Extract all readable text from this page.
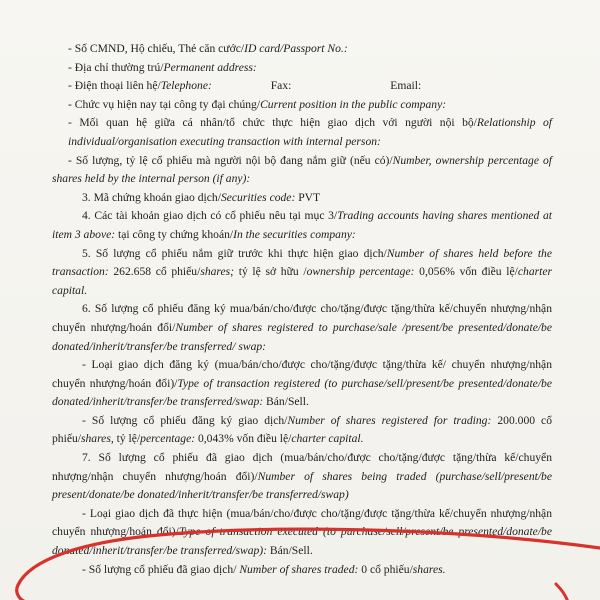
- Số CMND, Hộ chiếu, Thẻ căn cước/ID card/Passport No.:
- Địa chỉ thường trú/Permanent address:
- Điện thoại liên hệ/Telephone:	Fax:	Email:
- Chức vụ hiện nay tại công ty đại chúng/Current position in the public company:
- Mối quan hệ giữa cá nhân/tổ chức thực hiện giao dịch với người nội bộ/Relationship of individual/organisation executing transaction with internal person:
- Số lượng, tỷ lệ cổ phiếu mà người nội bộ đang nắm giữ (nếu có)/Number, ownership percentage of shares held by the internal person (if any):
3. Mã chứng khoán giao dịch/Securities code: PVT
4. Các tài khoản giao dịch có cổ phiếu nêu tại mục 3/Trading accounts having shares mentioned at item 3 above: tại công ty chứng khoán/In the securities company:
5. Số lượng cổ phiếu nắm giữ trước khi thực hiện giao dịch/Number of shares held before the transaction: 262.658 cổ phiếu/shares; tỷ lệ sở hữu /ownership percentage: 0,056% vốn điều lệ/charter capital.
6. Số lượng cổ phiếu đăng ký mua/bán/cho/được cho/tặng/được tặng/thừa kế/chuyển nhượng/nhận chuyển nhượng/hoán đổi/Number of shares registered to purchase/sale /present/be presented/donate/be donated/inherit/transfer/be transferred/ swap:
- Loại giao dịch đăng ký (mua/bán/cho/được cho/tặng/được tặng/thừa kế/ chuyển nhượng/nhận chuyển nhượng/hoán đổi)/Type of transaction registered (to purchase/sell/present/be presented/donate/be donated/inherit/transfer/be transferred/swap: Bán/Sell.
- Số lượng cổ phiếu đăng ký giao dịch/Number of shares registered for trading: 200.000 cổ phiếu/shares, tỷ lệ/percentage: 0,043% vốn điều lệ/charter capital.
7. Số lượng cổ phiếu đã giao dịch (mua/bán/cho/được cho/tặng/được tặng/thừa kế/chuyển nhượng/nhận chuyển nhượng/hoán đổi)/Number of shares being traded (purchase/sell/present/be present/donate/be donated/inherit/transfer/be transferred/swap)
- Loại giao dịch đã thực hiện (mua/bán/cho/được cho/tặng/được tặng/thừa kế/chuyển nhượng/nhận chuyển nhượng/hoán đổi)/Type of transaction executed (to purchase/sell/present/be presented/donate/be donated/inherit/transfer/be transferred/swap): Bán/Sell.
- Số lượng cổ phiếu đã giao dịch/ Number of shares traded: 0 cổ phiếu/shares.
